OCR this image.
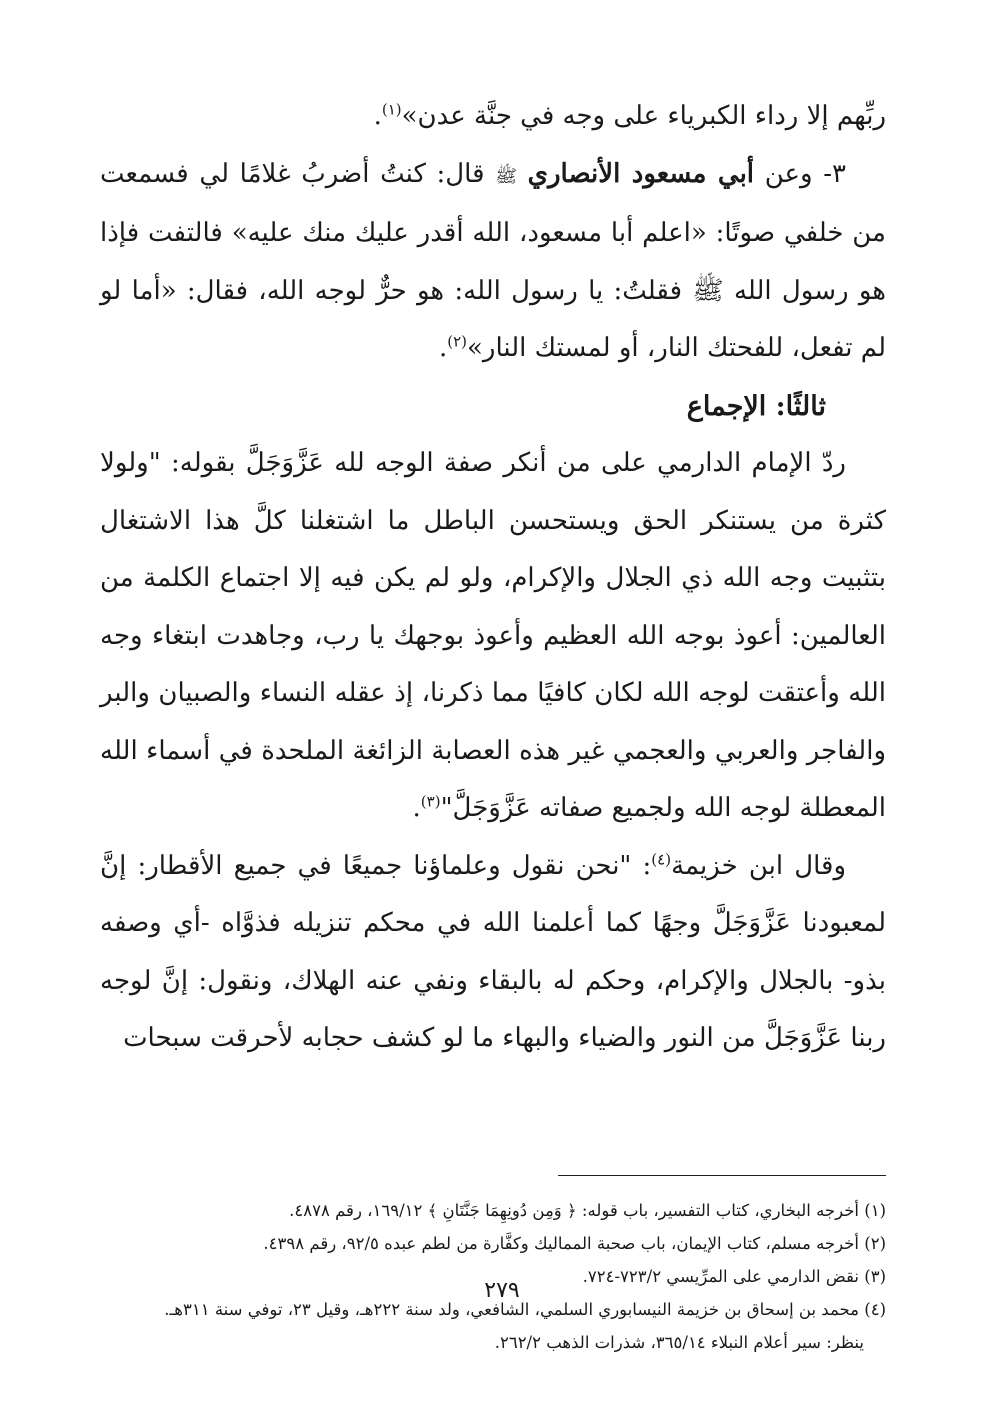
ربِّهم إلا رداء الكبرياء على وجه في جنَّة عدن»$^{(١)}$.

٣- وعن أبي مسعود الأنصاري ﷺ قال: كنتُ أضربُ غلامًا لي فسمعت من خلفي صوتًا: «اعلم أبا مسعود، الله أقدر عليك منك عليه» فالتفت فإذا هو رسول الله ﷺ فقلتُ: يا رسول الله: هو حرٌّ لوجه الله، فقال: «أما لو لم تفعل، للفحتك النار، أو لمستك النار»$^{(٢)}$.

ثالثًا: الإجماع

ردّ الإمام الدارمي على من أنكر صفة الوجه لله عَزَّوَجَلَّ بقوله: "ولولا كثرة من يستنكر الحق ويستحسن الباطل ما اشتغلنا كلَّ هذا الاشتغال بتثبيت وجه الله ذي الجلال والإكرام، ولو لم يكن فيه إلا اجتماع الكلمة من العالمين: أعوذ بوجه الله العظيم وأعوذ بوجهك يا رب، وجاهدت ابتغاء وجه الله وأعتقت لوجه الله لكان كافيًا مما ذكرنا، إذ عقله النساء والصبيان والبر والفاجر والعربي والعجمي غير هذه العصابة الزائغة الملحدة في أسماء الله المعطلة لوجه الله ولجميع صفاته عَزَّوَجَلَّ"$^{(٣)}$.

وقال ابن خزيمة$^{(٤)}$: "نحن نقول وعلماؤنا جميعًا في جميع الأقطار: إنَّ لمعبودنا عَزَّوَجَلَّ وجهًا كما أعلمنا الله في محكم تنزيله فذوَّاه -أي وصفه بذو- بالجلال والإكرام، وحكم له بالبقاء ونفي عنه الهلاك، ونقول: إنَّ لوجه ربنا عَزَّوَجَلَّ من النور والضياء والبهاء ما لو كشف حجابه لأحرقت سبحات

(١) أخرجه البخاري، كتاب التفسير، باب قوله: ﴿ وَمِن دُونِهِمَا جَنَّتَانِ ﴾ ١٦٩/١٢، رقم ٤٨٧٨.

(٢) أخرجه مسلم، كتاب الإيمان، باب صحبة المماليك وكفَّارة من لطم عبده ٩٢/٥، رقم ٤٣٩٨.

(٣) نقض الدارمي على المرِّيسي ٧٢٣/٢-٧٢٤.

(٤) محمد بن إسحاق بن خزيمة النيسابوري السلمي، الشافعي، ولد سنة ٢٢٢هـ، وقيل ٢٣، توفي سنة ٣١١هـ.

ينظر: سير أعلام النبلاء ٣٦٥/١٤، شذرات الذهب ٢٦٢/٢.

٢٧٩
